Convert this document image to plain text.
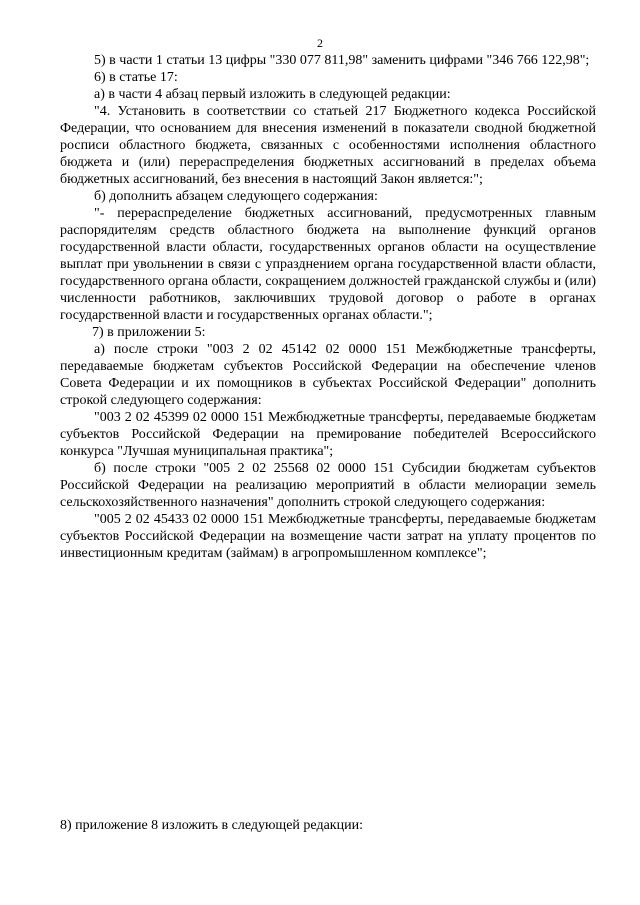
2

5) в части 1 статьи 13 цифры "330 077 811,98" заменить цифрами "346 766 122,98";

6) в статье 17:

а) в части 4 абзац первый изложить в следующей редакции:

"4. Установить в соответствии со статьей 217 Бюджетного кодекса Российской Федерации, что основанием для внесения изменений в показатели сводной бюджетной росписи областного бюджета, связанных с особенностями исполнения областного бюджета и (или) перераспределения бюджетных ассигнований в пределах объема бюджетных ассигнований, без внесения в настоящий Закон является:";

б) дополнить абзацем следующего содержания:

"- перераспределение бюджетных ассигнований, предусмотренных главным распорядителям средств областного бюджета на выполнение функций органов государственной власти области, государственных органов области на осуществление выплат при увольнении в связи с упразднением органа государственной власти области, государственного органа области, сокращением должностей гражданской службы и (или) численности работников, заключивших трудовой договор о работе в органах государственной власти и государственных органах области.";

7) в приложении 5:

а) после строки "003 2 02 45142 02 0000 151 Межбюджетные трансферты, передаваемые бюджетам субъектов Российской Федерации на обеспечение членов Совета Федерации и их помощников в субъектах Российской Федерации" дополнить строкой следующего содержания:

"003 2 02 45399 02 0000 151 Межбюджетные трансферты, передаваемые бюджетам субъектов Российской Федерации на премирование победителей Всероссийского конкурса "Лучшая муниципальная практика";

б) после строки "005 2 02 25568 02 0000 151 Субсидии бюджетам субъектов Российской Федерации на реализацию мероприятий в области мелиорации земель сельскохозяйственного назначения" дополнить строкой следующего содержания:

"005 2 02 45433 02 0000 151 Межбюджетные трансферты, передаваемые бюджетам субъектов Российской Федерации на возмещение части затрат на уплату процентов по инвестиционным кредитам (займам) в агропромышленном комплексе";

8) приложение 8 изложить в следующей редакции:
